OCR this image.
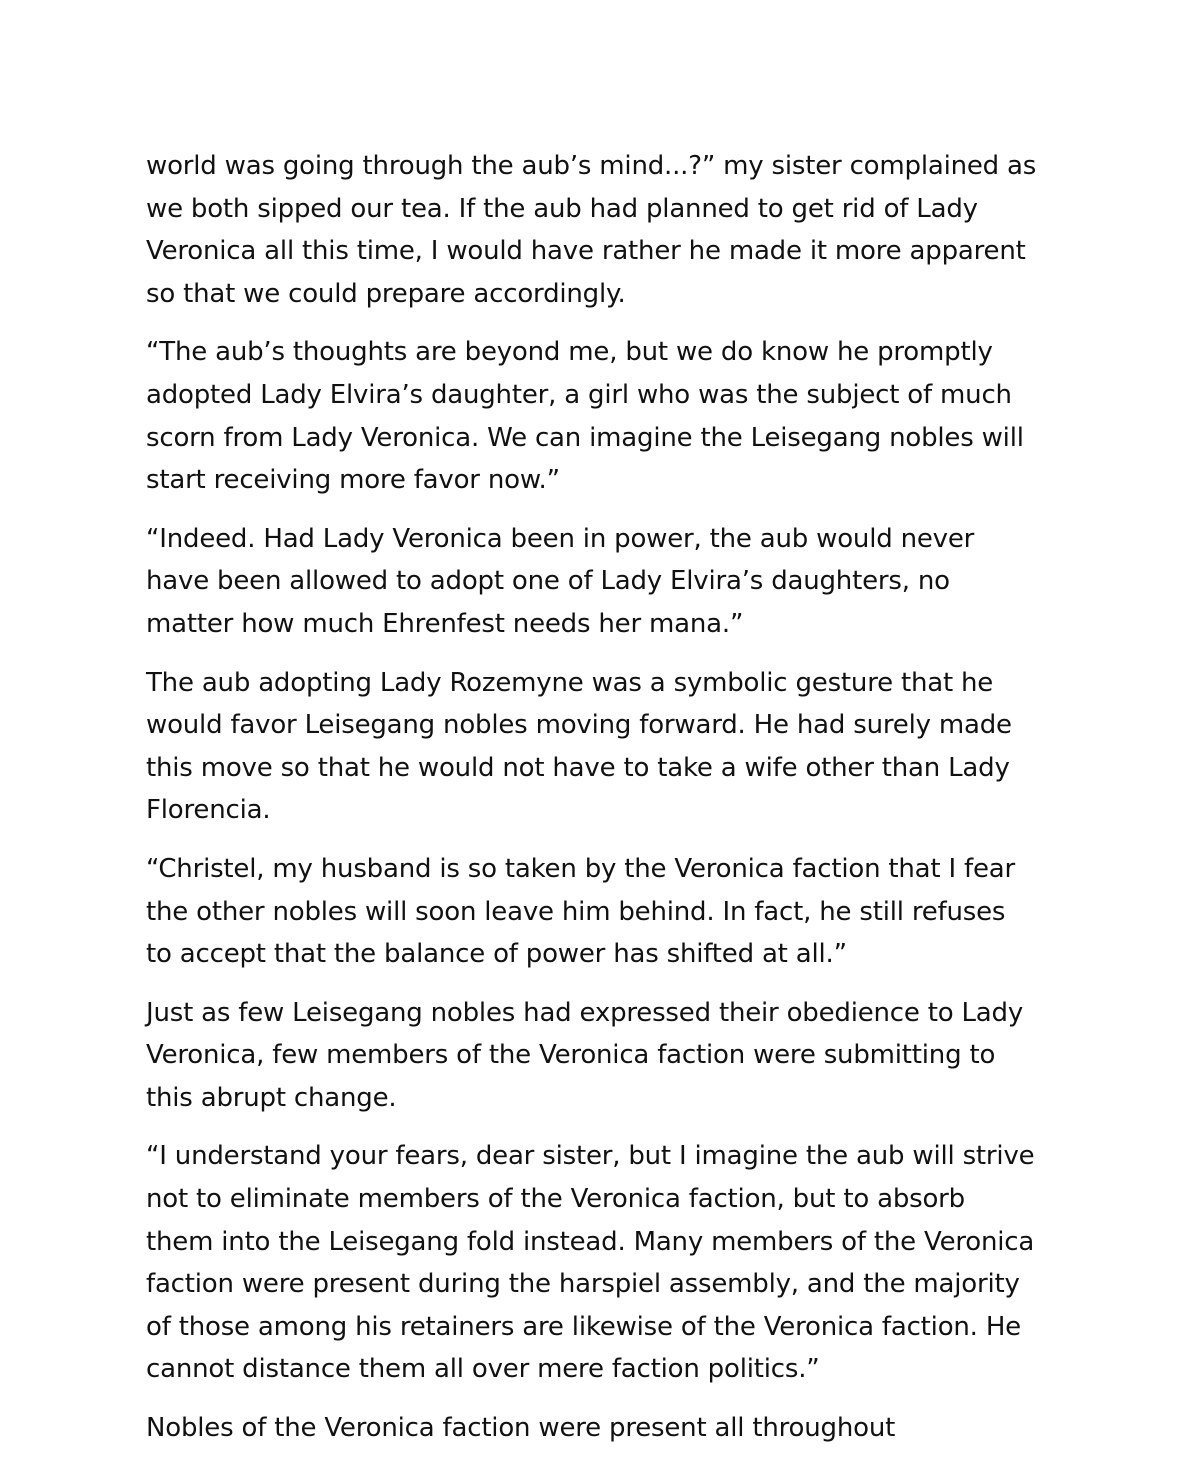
world was going through the aub’s mind...?” my sister complained as
we both sipped our tea. If the aub had planned to get rid of Lady
Veronica all this time, I would have rather he made it more apparent
so that we could prepare accordingly.

“The aub’s thoughts are beyond me, but we do know he promptly
adopted Lady Elvira’s daughter, a girl who was the subject of much
scorn from Lady Veronica. We can imagine the Leisegang nobles will
start receiving more favor now.”

“Indeed. Had Lady Veronica been in power, the aub would never
have been allowed to adopt one of Lady Elvira’s daughters, no
matter how much Ehrenfest needs her mana.”

The aub adopting Lady Rozemyne was a symbolic gesture that he
would favor Leisegang nobles moving forward. He had surely made
this move so that he would not have to take a wife other than Lady
Florencia.

“Christel, my husband is so taken by the Veronica faction that I fear
the other nobles will soon leave him behind. In fact, he still refuses
to accept that the balance of power has shifted at all.”

Just as few Leisegang nobles had expressed their obedience to Lady
Veronica, few members of the Veronica faction were submitting to
this abrupt change.

“I understand your fears, dear sister, but I imagine the aub will strive
not to eliminate members of the Veronica faction, but to absorb
them into the Leisegang fold instead. Many members of the Veronica
faction were present during the harspiel assembly, and the majority
of those among his retainers are likewise of the Veronica faction. He
cannot distance them all over mere faction politics.”

Nobles of the Veronica faction were present all throughout
